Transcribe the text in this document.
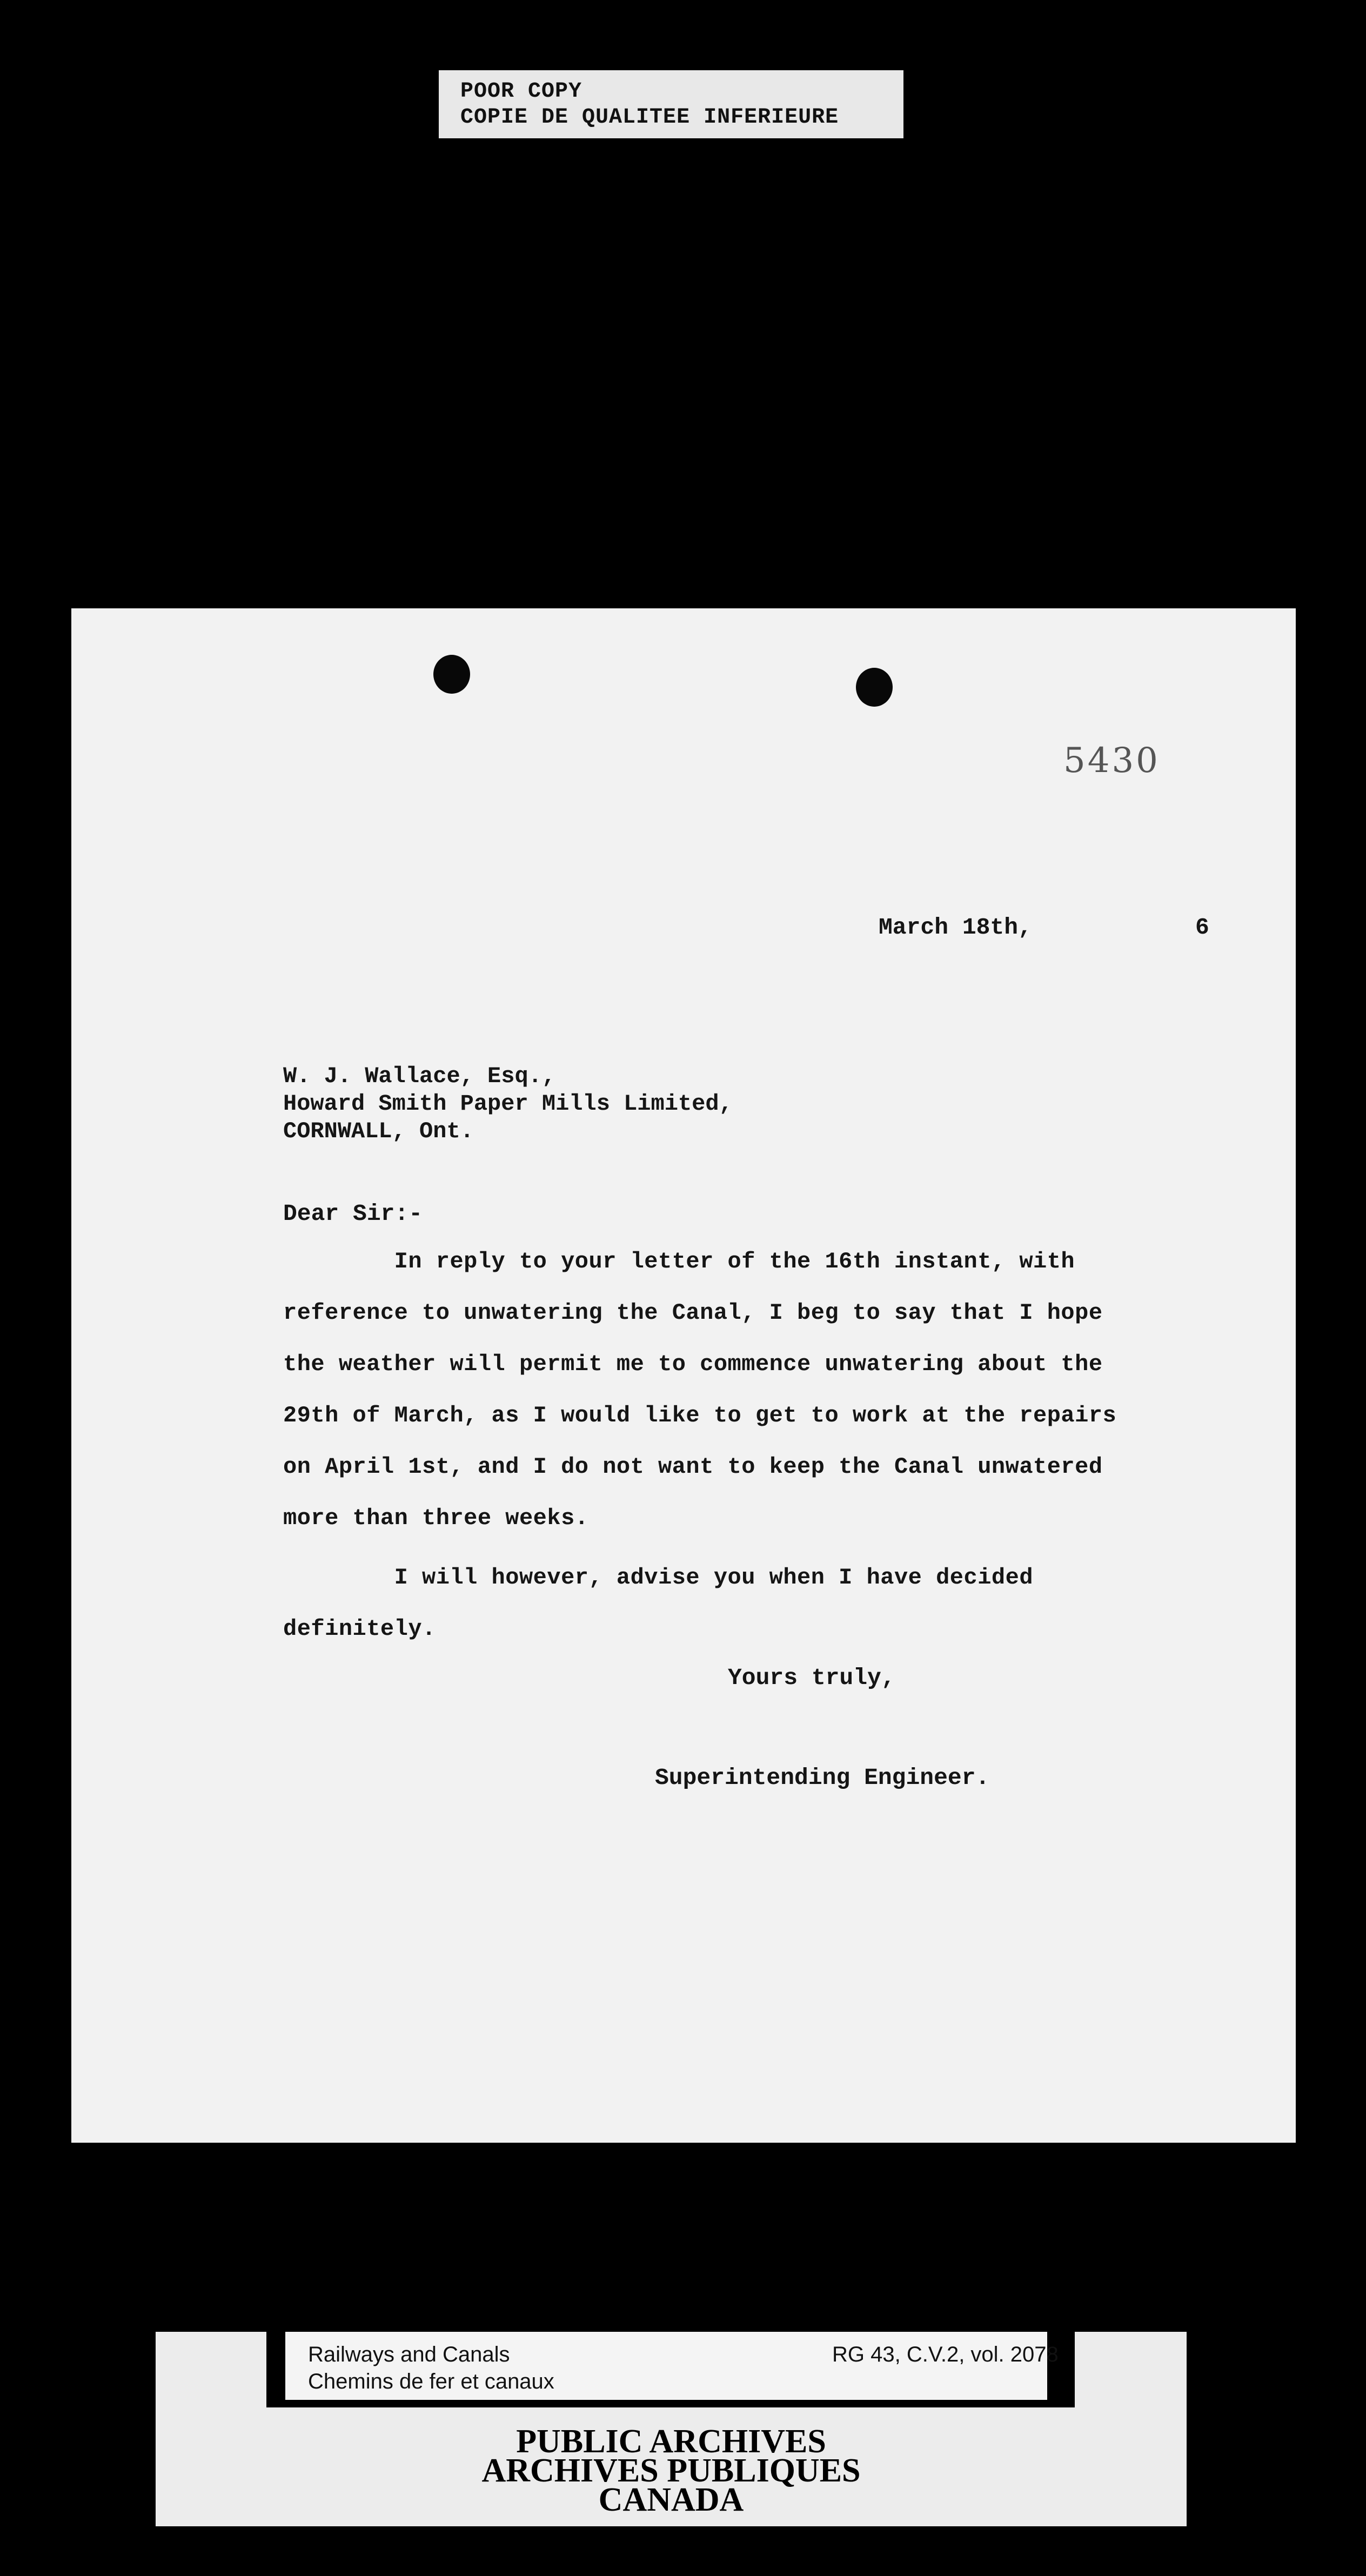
POOR COPY
COPIE DE QUALITEE INFERIEURE
5430
March 18th,	6
W. J. Wallace, Esq.,
Howard Smith Paper Mills Limited,
CORNWALL, Ont.
Dear Sir:-
In reply to your letter of the 16th instant, with
reference to unwatering the Canal, I beg to say that I hope
the weather will permit me to commence unwatering about the
29th of March, as I would like to get to work at the repairs
on April 1st, and I do not want to keep the Canal unwatered
more than three weeks.
I will however, advise you when I have decided
definitely.
Yours truly,
Superintending Engineer.
Railways and Canals
Chemins de fer et canaux
RG 43, C.V.2, vol. 2078
PUBLIC ARCHIVES
ARCHIVES PUBLIQUES
CANADA
